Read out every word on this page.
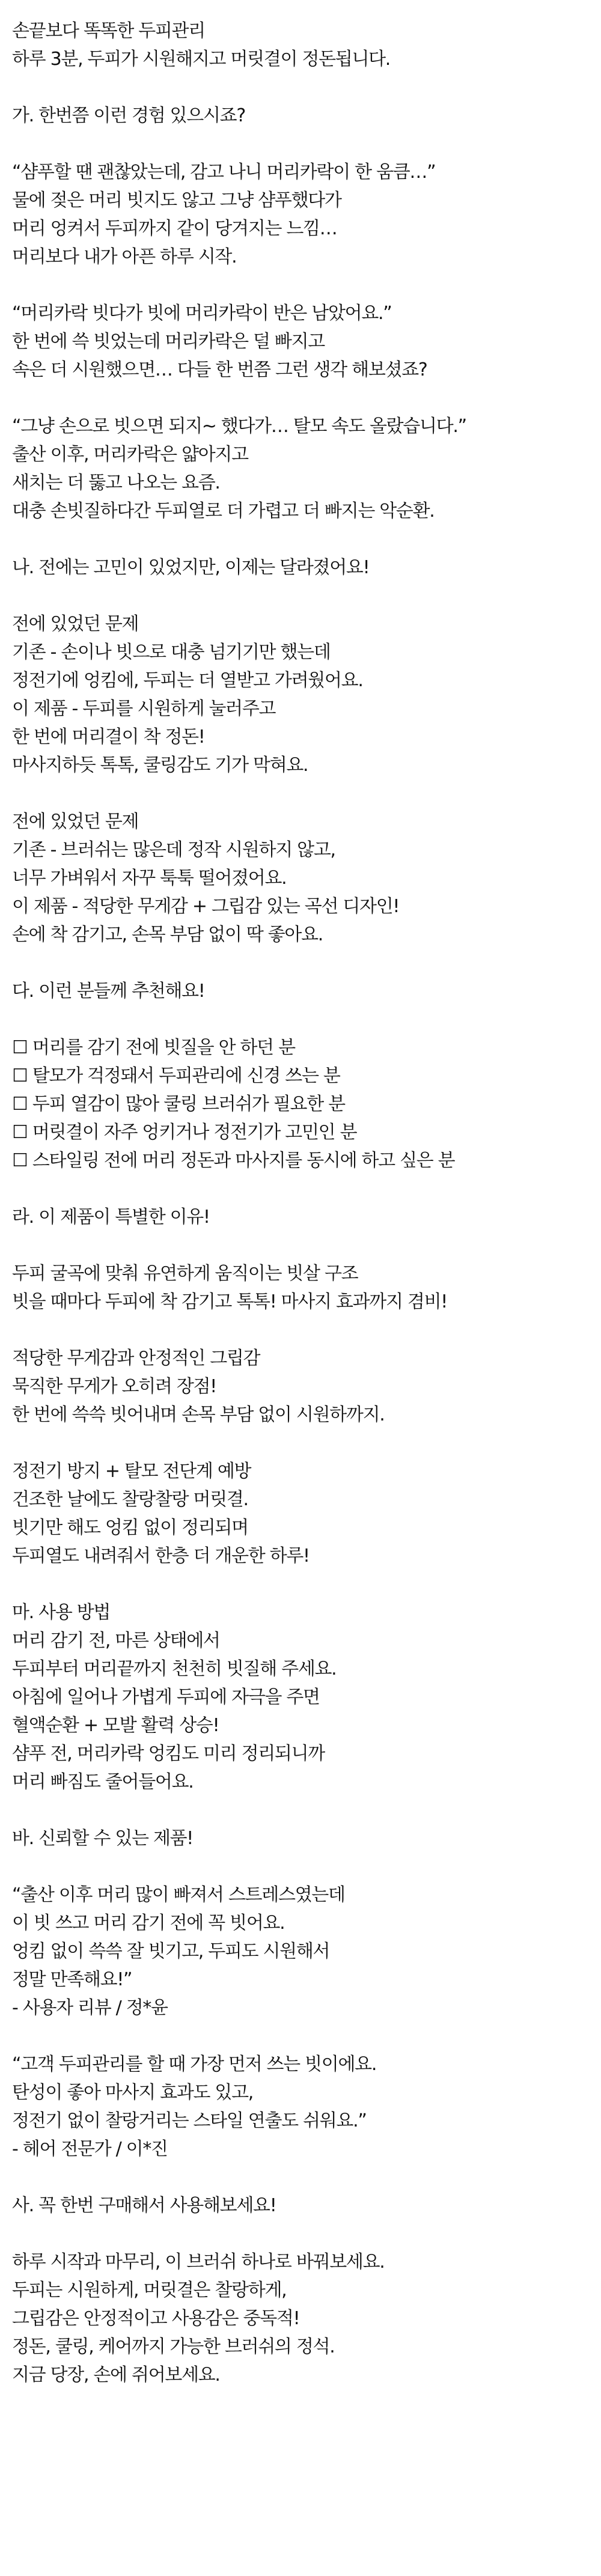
손끝보다 똑똑한 두피관리
하루 3분, 두피가 시원해지고 머릿결이 정돈됩니다.
가. 한번쯤 이런 경험 있으시죠?
“샴푸할 땐 괜찮았는데, 감고 나니 머리카락이 한 움큼…”
물에 젖은 머리 빗지도 않고 그냥 샴푸했다가
머리 엉켜서 두피까지 같이 당겨지는 느낌…
머리보다 내가 아픈 하루 시작.
“머리카락 빗다가 빗에 머리카락이 반은 남았어요.”
한 번에 쓱 빗었는데 머리카락은 덜 빠지고
속은 더 시원했으면… 다들 한 번쯤 그런 생각 해보셨죠?
“그냥 손으로 빗으면 되지~ 했다가… 탈모 속도 올랐습니다.”
출산 이후, 머리카락은 얇아지고
새치는 더 뚫고 나오는 요즘.
대충 손빗질하다간 두피열로 더 가렵고 더 빠지는 악순환.
나. 전에는 고민이 있었지만, 이제는 달라졌어요!
전에 있었던 문제
기존 - 손이나 빗으로 대충 넘기기만 했는데
정전기에 엉킴에, 두피는 더 열받고 가려웠어요.
이 제품 - 두피를 시원하게 눌러주고
한 번에 머리결이 착 정돈!
마사지하듯 톡톡, 쿨링감도 기가 막혀요.
전에 있었던 문제
기존 - 브러쉬는 많은데 정작 시원하지 않고,
너무 가벼워서 자꾸 툭툭 떨어졌어요.
이 제품 - 적당한 무게감 + 그립감 있는 곡선 디자인!
손에 착 감기고, 손목 부담 없이 딱 좋아요.
다. 이런 분들께 추천해요!
☐ 머리를 감기 전에 빗질을 안 하던 분
☐ 탈모가 걱정돼서 두피관리에 신경 쓰는 분
☐ 두피 열감이 많아 쿨링 브러쉬가 필요한 분
☐ 머릿결이 자주 엉키거나 정전기가 고민인 분
☐ 스타일링 전에 머리 정돈과 마사지를 동시에 하고 싶은 분
라. 이 제품이 특별한 이유!
두피 굴곡에 맞춰 유연하게 움직이는 빗살 구조
빗을 때마다 두피에 착 감기고 톡톡! 마사지 효과까지 겸비!
적당한 무게감과 안정적인 그립감
묵직한 무게가 오히려 장점!
한 번에 쓱쓱 빗어내며 손목 부담 없이 시원하까지.
정전기 방지 + 탈모 전단계 예방
건조한 날에도 찰랑찰랑 머릿결.
빗기만 해도 엉킴 없이 정리되며
두피열도 내려줘서 한층 더 개운한 하루!
마. 사용 방법
머리 감기 전, 마른 상태에서
두피부터 머리끝까지 천천히 빗질해 주세요.
아침에 일어나 가볍게 두피에 자극을 주면
혈액순환 + 모발 활력 상승!
샴푸 전, 머리카락 엉킴도 미리 정리되니까
머리 빠짐도 줄어들어요.
바. 신뢰할 수 있는 제품!
“출산 이후 머리 많이 빠져서 스트레스였는데
이 빗 쓰고 머리 감기 전에 꼭 빗어요.
엉킴 없이 쓱쓱 잘 빗기고, 두피도 시원해서
정말 만족해요!”
- 사용자 리뷰 / 정*윤
“고객 두피관리를 할 때 가장 먼저 쓰는 빗이에요.
탄성이 좋아 마사지 효과도 있고,
정전기 없이 찰랑거리는 스타일 연출도 쉬워요.”
- 헤어 전문가 / 이*진
사. 꼭 한번 구매해서 사용해보세요!
하루 시작과 마무리, 이 브러쉬 하나로 바꿔보세요.
두피는 시원하게, 머릿결은 찰랑하게,
그립감은 안정적이고 사용감은 중독적!
정돈, 쿨링, 케어까지 가능한 브러쉬의 정석.
지금 당장, 손에 쥐어보세요.
